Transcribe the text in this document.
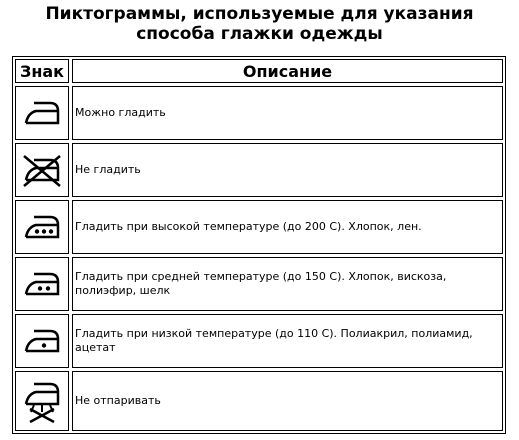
Пиктограммы, используемые для указания
способа глажки одежды
Знак	Описание
Можно гладить
Не гладить
Гладить при высокой температуре (до 200 С). Хлопок, лен.
Гладить при средней температуре (до 150 С). Хлопок, вискоза, полиэфир, шелк
Гладить при низкой температуре (до 110 С). Полиакрил, полиамид, ацетат
Не отпаривать
